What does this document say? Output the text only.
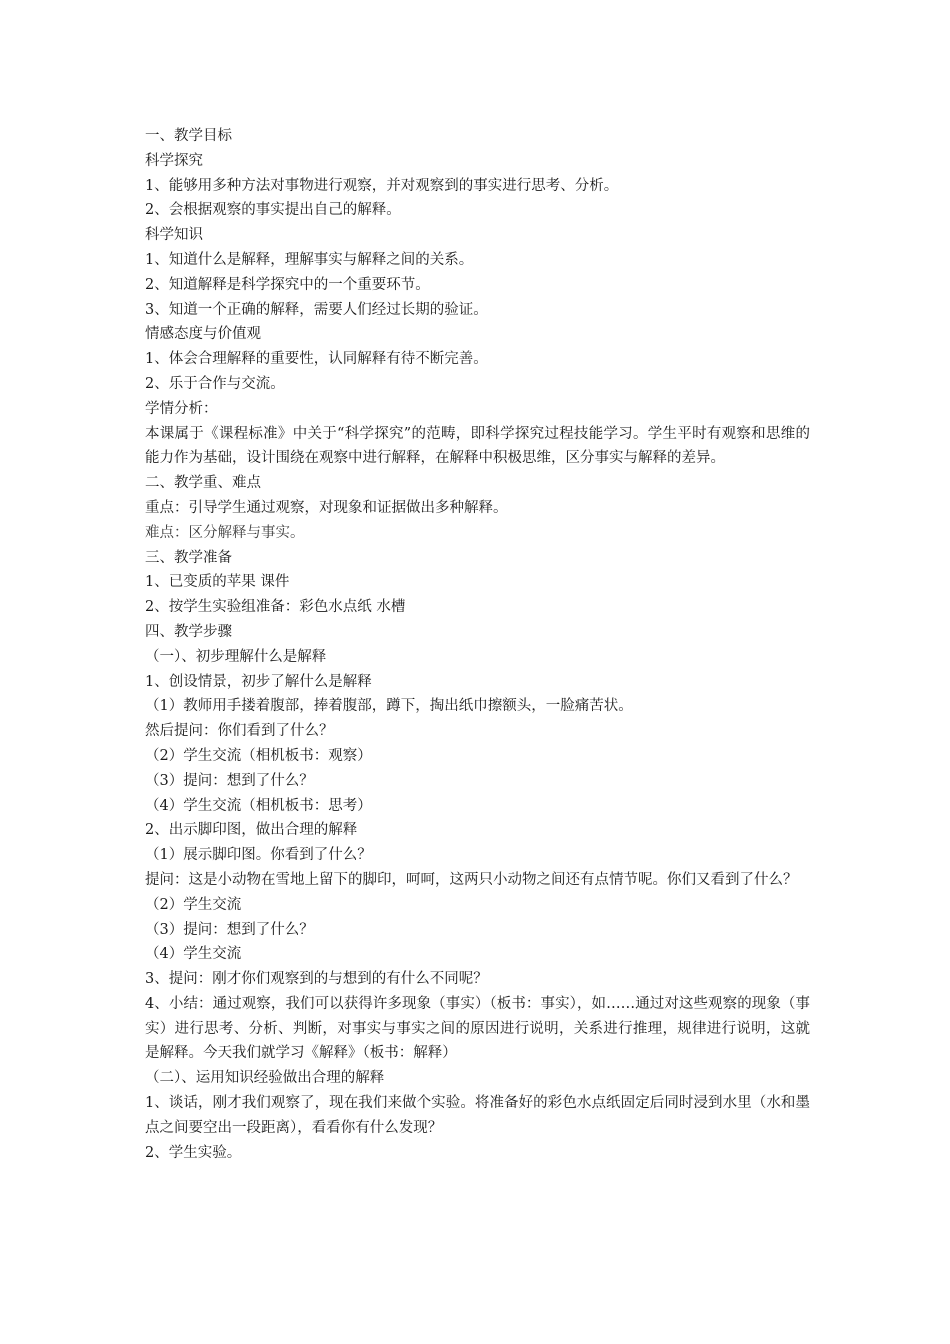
一、教学目标
科学探究
1、能够用多种方法对事物进行观察，并对观察到的事实进行思考、分析。
2、会根据观察的事实提出自己的解释。
科学知识
1、知道什么是解释，理解事实与解释之间的关系。
2、知道解释是科学探究中的一个重要环节。
3、知道一个正确的解释，需要人们经过长期的验证。
情感态度与价值观
1、体会合理解释的重要性，认同解释有待不断完善。
2、乐于合作与交流。
学情分析：
本课属于《课程标准》中关于“科学探究”的范畴，即科学探究过程技能学习。学生平时有观察和思维的能力作为基础，设计围绕在观察中进行解释，在解释中积极思维，区分事实与解释的差异。
二、教学重、难点
重点：引导学生通过观察，对现象和证据做出多种解释。
难点：区分解释与事实。
三、教学准备
1、已变质的苹果 课件
2、按学生实验组准备：彩色水点纸 水槽
四、教学步骤
（一）、初步理解什么是解释
1、创设情景，初步了解什么是解释
（1）教师用手搂着腹部，捧着腹部，蹲下，掏出纸巾擦额头，一脸痛苦状。
然后提问：你们看到了什么？
（2）学生交流（相机板书：观察）
（3）提问：想到了什么？
（4）学生交流（相机板书：思考）
2、出示脚印图，做出合理的解释
（1）展示脚印图。你看到了什么？
提问：这是小动物在雪地上留下的脚印，呵呵，这两只小动物之间还有点情节呢。你们又看到了什么？
（2）学生交流
（3）提问：想到了什么？
（4）学生交流
3、提问：刚才你们观察到的与想到的有什么不同呢？
4、小结：通过观察，我们可以获得许多现象（事实）（板书：事实），如……通过对这些观察的现象（事实）进行思考、分析、判断，对事实与事实之间的原因进行说明，关系进行推理，规律进行说明，这就是解释。今天我们就学习《解释》（板书：解释）
（二）、运用知识经验做出合理的解释
1、谈话，刚才我们观察了，现在我们来做个实验。将准备好的彩色水点纸固定后同时浸到水里（水和墨点之间要空出一段距离），看看你有什么发现？
2、学生实验。
